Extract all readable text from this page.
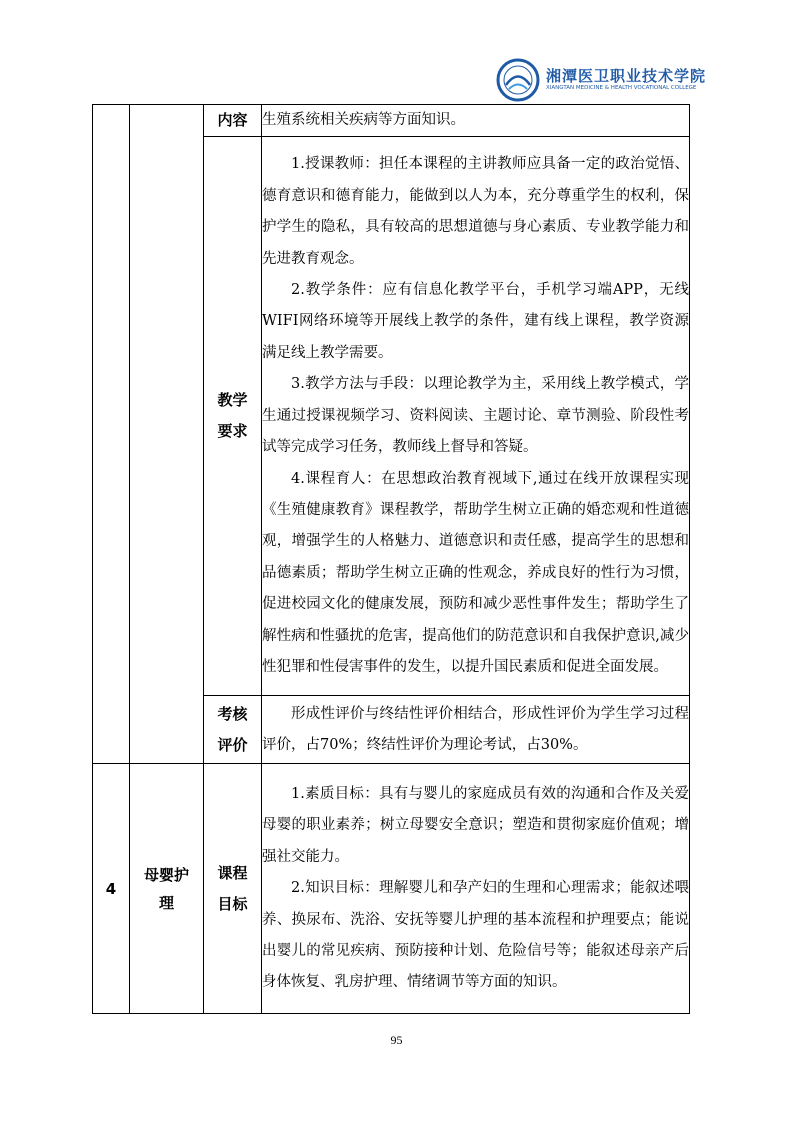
湘潭医卫职业技术学院
XIANGTAN MEDICINE & HEALTH VOCATIONAL COLLEGE
		内容	生殖系统相关疾病等方面知识。
		教学要求	1.授课教师：担任本课程的主讲教师应具备一定的政治觉悟、德育意识和德育能力，能做到以人为本，充分尊重学生的权利，保护学生的隐私，具有较高的思想道德与身心素质、专业教学能力和先进教育观念。
2.教学条件：应有信息化教学平台，手机学习端APP，无线WIFI网络环境等开展线上教学的条件，建有线上课程，教学资源满足线上教学需要。
3.教学方法与手段：以理论教学为主，采用线上教学模式，学生通过授课视频学习、资料阅读、主题讨论、章节测验、阶段性考试等完成学习任务，教师线上督导和答疑。
4.课程育人：在思想政治教育视域下,通过在线开放课程实现《生殖健康教育》课程教学，帮助学生树立正确的婚恋观和性道德观，增强学生的人格魅力、道德意识和责任感，提高学生的思想和品德素质；帮助学生树立正确的性观念，养成良好的性行为习惯，促进校园文化的健康发展，预防和减少恶性事件发生；帮助学生了解性病和性骚扰的危害，提高他们的防范意识和自我保护意识,减少性犯罪和性侵害事件的发生，以提升国民素质和促进全面发展。

		考核评价	形成性评价与终结性评价相结合，形成性评价为学生学习过程评价，占70%；终结性评价为理论考试，占30%。
4	母婴护理	课程目标	1.素质目标：具有与婴儿的家庭成员有效的沟通和合作及关爱母婴的职业素养；树立母婴安全意识；塑造和贯彻家庭价值观；增强社交能力。
2.知识目标：理解婴儿和孕产妇的生理和心理需求；能叙述喂养、换尿布、洗浴、安抚等婴儿护理的基本流程和护理要点；能说出婴儿的常见疾病、预防接种计划、危险信号等；能叙述母亲产后身体恢复、乳房护理、情绪调节等方面的知识。
95
